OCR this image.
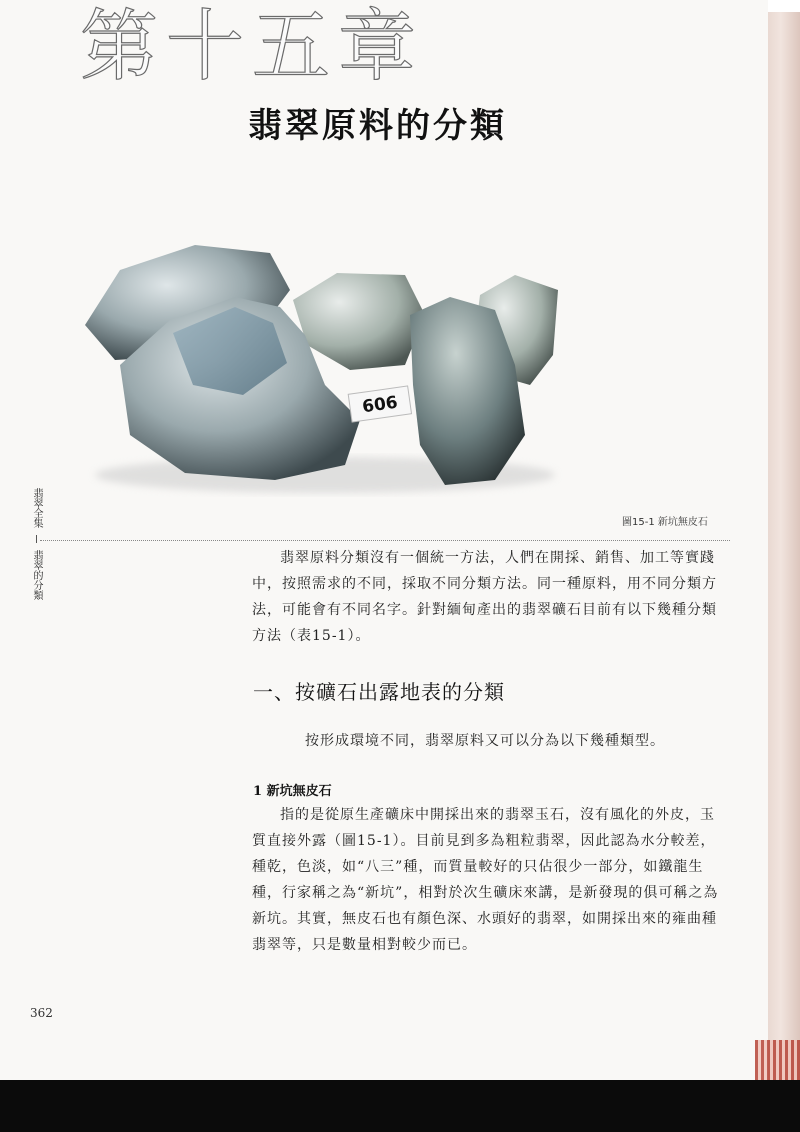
第十五章
翡翠原料的分類
606
圖15-1 新坑無皮石
翡翠全集  翡翠的分類	翡翠原料分類沒有一個統一方法，人們在開採、銷售、加工等實踐中，按照需求的不同，採取不同分類方法。同一種原料，用不同分類方法，可能會有不同名字。針對緬甸產出的翡翠礦石目前有以下幾種分類方法（表15-1）。
一、按礦石出露地表的分類
按形成環境不同，翡翠原料又可以分為以下幾種類型。
1 新坑無皮石
指的是從原生產礦床中開採出來的翡翠玉石，沒有風化的外皮，玉質直接外露（圖15-1）。目前見到多為粗粒翡翠，因此認為水分較差，種乾，色淡，如“八三”種，而質量較好的只佔很少一部分，如鐵龍生種，行家稱之為“新坑”，相對於次生礦床來講，是新發現的俱可稱之為新坑。其實，無皮石也有顏色深、水頭好的翡翠，如開採出來的雍曲種翡翠等，只是數量相對較少而已。
362
